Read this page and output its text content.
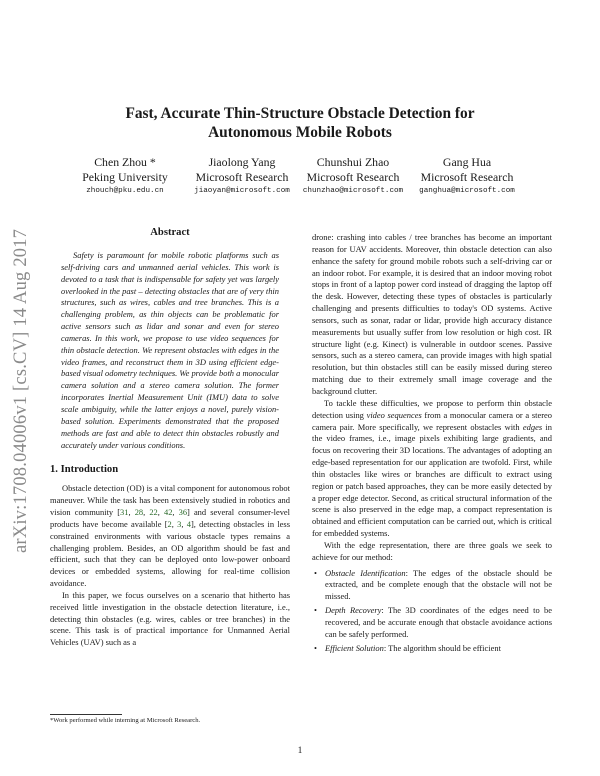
arXiv:1708.04006v1 [cs.CV] 14 Aug 2017
Fast, Accurate Thin-Structure Obstacle Detection for
Autonomous Mobile Robots
Chen Zhou *
Peking University
zhouch@pku.edu.cn
Jiaolong Yang
Microsoft Research
jiaoyan@microsoft.com
Chunshui Zhao
Microsoft Research
chunzhao@microsoft.com
Gang Hua
Microsoft Research
ganghua@microsoft.com
Abstract

Safety is paramount for mobile robotic platforms such as self-driving cars and unmanned aerial vehicles. This work is devoted to a task that is indispensable for safety yet was largely overlooked in the past – detecting obstacles that are of very thin structures, such as wires, cables and tree branches. This is a challenging problem, as thin objects can be problematic for active sensors such as lidar and sonar and even for stereo cameras. In this work, we propose to use video sequences for thin obstacle detection. We represent obstacles with edges in the video frames, and reconstruct them in 3D using efficient edge-based visual odometry techniques. We provide both a monocular camera solution and a stereo camera solution. The former incorporates Inertial Measurement Unit (IMU) data to solve scale ambiguity, while the latter enjoys a novel, purely vision-based solution. Experiments demonstrated that the proposed methods are fast and able to detect thin obstacles robustly and accurately under various conditions.

1. Introduction

Obstacle detection (OD) is a vital component for autonomous robot maneuver. While the task has been extensively studied in robotics and vision community [31, 28, 22, 42, 36] and several consumer-level products have become available [2, 3, 4], detecting obstacles in less constrained environments with various obstacle types remains a challenging problem. Besides, an OD algorithm should be fast and efficient, such that they can be deployed onto low-power onboard devices or embedded systems, allowing for real-time collision avoidance.

In this paper, we focus ourselves on a scenario that hitherto has received little investigation in the obstacle detection literature, i.e., detecting thin obstacles (e.g. wires, cables or tree branches) in the scene. This task is of practical importance for Unmanned Aerial Vehicles (UAV) such as a

*Work performed while interning at Microsoft Research.

drone: crashing into cables / tree branches has become an important reason for UAV accidents. Moreover, thin obstacle detection can also enhance the safety for ground mobile robots such a self-driving car or an indoor robot. For example, it is desired that an indoor moving robot stops in front of a laptop power cord instead of dragging the laptop off the desk. However, detecting these types of obstacles is particularly challenging and presents difficulties to today's OD systems. Active sensors, such as sonar, radar or lidar, provide high accuracy distance measurements but usually suffer from low resolution or high cost. IR structure light (e.g. Kinect) is vulnerable in outdoor scenes. Passive sensors, such as a stereo camera, can provide images with high spatial resolution, but thin obstacles still can be easily missed during stereo matching due to their extremely small image coverage and the background clutter.

To tackle these difficulties, we propose to perform thin obstacle detection using video sequences from a monocular camera or a stereo camera pair. More specifically, we represent obstacles with edges in the video frames, i.e., image pixels exhibiting large gradients, and focus on recovering their 3D locations. The advantages of adopting an edge-based representation for our application are twofold. First, while thin obstacles like wires or branches are difficult to extract using region or patch based approaches, they can be more easily detected by a proper edge detector. Second, as critical structural information of the scene is also preserved in the edge map, a compact representation is obtained and efficient computation can be carried out, which is critical for embedded systems.

With the edge representation, there are three goals we seek to achieve for our method:

• Obstacle Identification: The edges of the obstacle should be extracted, and be complete enough that the obstacle will not be missed.
• Depth Recovery: The 3D coordinates of the edges need to be recovered, and be accurate enough that obstacle avoidance actions can be safely performed.
• Efficient Solution: The algorithm should be efficient
1
